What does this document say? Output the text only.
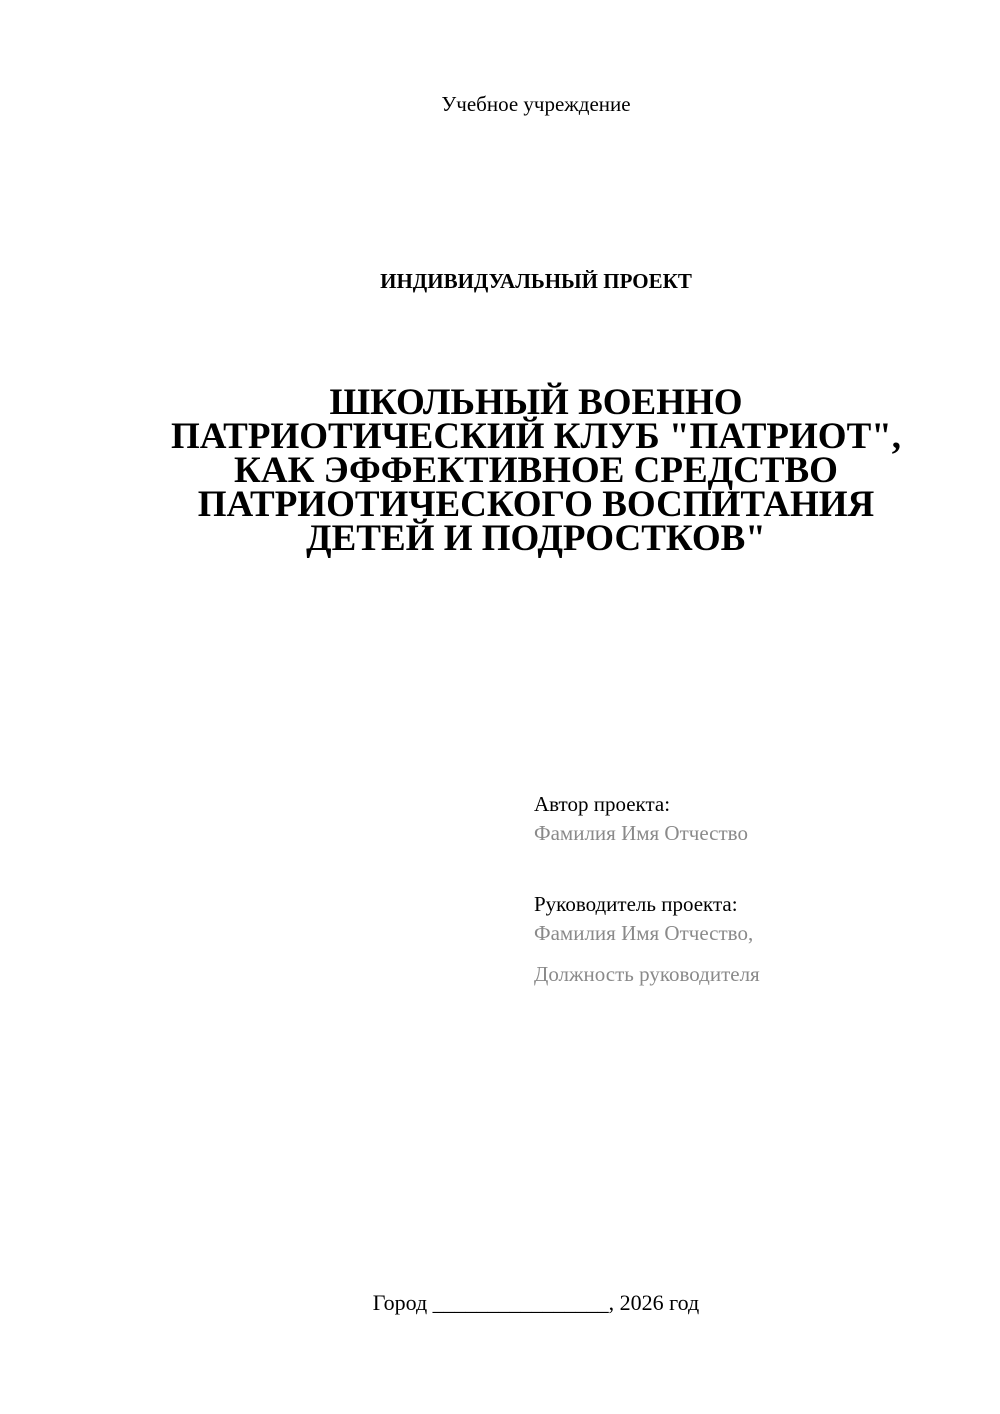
Учебное учреждение
ИНДИВИДУАЛЬНЫЙ ПРОЕКТ
ШКОЛЬНЫЙ ВОЕННО
ПАТРИОТИЧЕСКИЙ КЛУБ "ПАТРИОТ",
КАК ЭФФЕКТИВНОЕ СРЕДСТВО
ПАТРИОТИЧЕСКОГО ВОСПИТАНИЯ
ДЕТЕЙ И ПОДРОСТКОВ"
Автор проекта:
Фамилия Имя Отчество
Руководитель проекта:
Фамилия Имя Отчество,
Должность руководителя
Город ________________, 2026 год
